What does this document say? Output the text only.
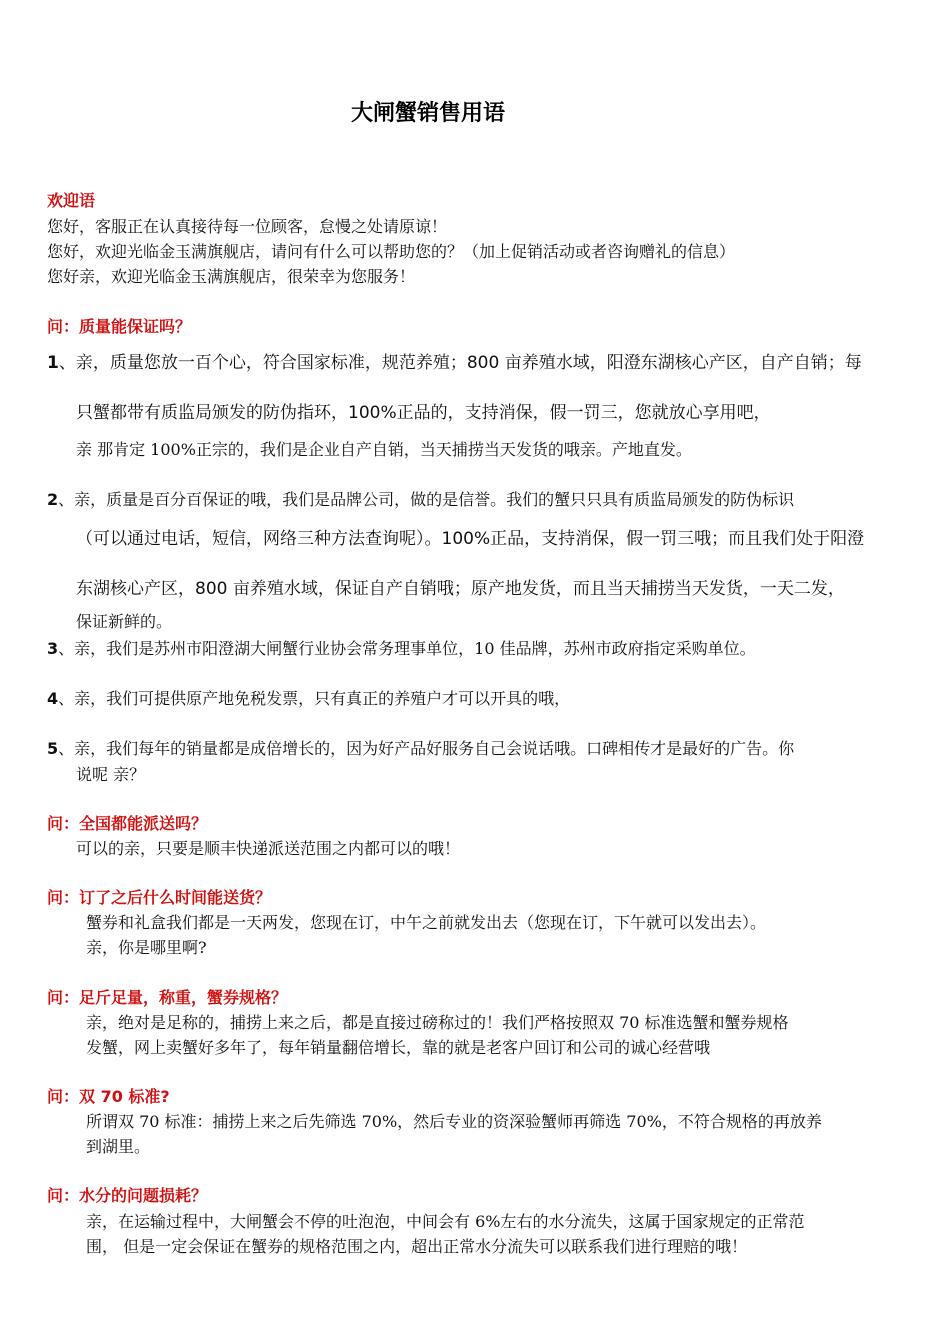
大闸蟹销售用语
欢迎语
您好，客服正在认真接待每一位顾客，怠慢之处请原谅！
您好，欢迎光临金玉满旗舰店，请问有什么可以帮助您的？（加上促销活动或者咨询赠礼的信息）
您好亲，欢迎光临金玉满旗舰店，很荣幸为您服务！
问：质量能保证吗？
1、亲，质量您放一百个心，符合国家标准，规范养殖；800 亩养殖水域，阳澄东湖核心产区，自产自销；每
只蟹都带有质监局颁发的防伪指环，100%正品的，支持消保，假一罚三，您就放心享用吧，
亲 那肯定 100%正宗的，我们是企业自产自销，当天捕捞当天发货的哦亲。产地直发。
2、亲，质量是百分百保证的哦，我们是品牌公司，做的是信誉。我们的蟹只只具有质监局颁发的防伪标识
（可以通过电话，短信，网络三种方法查询呢）。100%正品，支持消保，假一罚三哦；而且我们处于阳澄
东湖核心产区，800 亩养殖水域，保证自产自销哦；原产地发货，而且当天捕捞当天发货，一天二发，
保证新鲜的。
3、亲，我们是苏州市阳澄湖大闸蟹行业协会常务理事单位，10 佳品牌，苏州市政府指定采购单位。
4、亲，我们可提供原产地免税发票，只有真正的养殖户才可以开具的哦，
5、亲，我们每年的销量都是成倍增长的，因为好产品好服务自己会说话哦。口碑相传才是最好的广告。你
说呢 亲？
问：全国都能派送吗？
可以的亲，只要是顺丰快递派送范围之内都可以的哦！
问：订了之后什么时间能送货？
蟹券和礼盒我们都是一天两发，您现在订，中午之前就发出去（您现在订，下午就可以发出去）。
亲，你是哪里啊?
问：足斤足量，称重，蟹券规格？
亲，绝对是足称的，捕捞上来之后，都是直接过磅称过的！我们严格按照双 70 标准选蟹和蟹券规格
发蟹，网上卖蟹好多年了，每年销量翻倍增长，靠的就是老客户回订和公司的诚心经营哦
问：双 70 标准?
所谓双 70 标准：捕捞上来之后先筛选 70%，然后专业的资深验蟹师再筛选 70%，不符合规格的再放养
到湖里。
问：水分的问题损耗？
亲，在运输过程中，大闸蟹会不停的吐泡泡，中间会有 6%左右的水分流失，这属于国家规定的正常范
围， 但是一定会保证在蟹券的规格范围之内，超出正常水分流失可以联系我们进行理赔的哦！
